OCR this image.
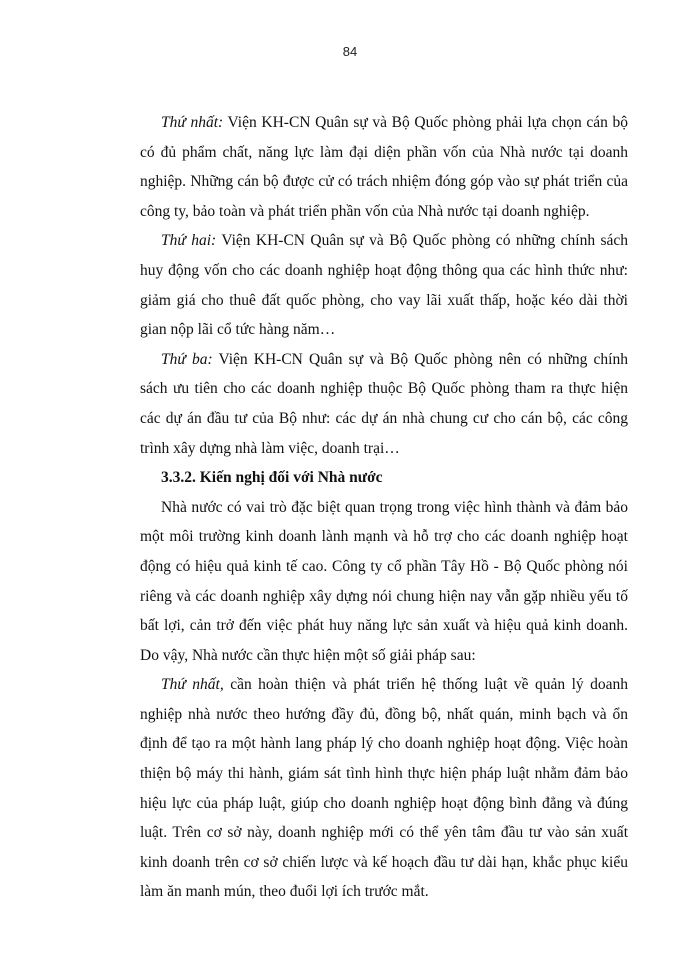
84

Thứ nhất: Viện KH-CN Quân sự và Bộ Quốc phòng phải lựa chọn cán bộ có đủ phẩm chất, năng lực làm đại diện phần vốn của Nhà nước tại doanh nghiệp. Những cán bộ được cử có trách nhiệm đóng góp vào sự phát triển của công ty, bảo toàn và phát triển phần vốn của Nhà nước tại doanh nghiệp.

Thứ hai: Viện KH-CN Quân sự và Bộ Quốc phòng có những chính sách huy động vốn cho các doanh nghiệp hoạt động thông qua các hình thức như: giảm giá cho thuê đất quốc phòng, cho vay lãi xuất thấp, hoặc kéo dài thời gian nộp lãi cổ tức hàng năm…

Thứ ba: Viện KH-CN Quân sự và Bộ Quốc phòng nên có những chính sách ưu tiên cho các doanh nghiệp thuộc Bộ Quốc phòng tham ra thực hiện các dự án đầu tư của Bộ như: các dự án nhà chung cư cho cán bộ, các công trình xây dựng nhà làm việc, doanh trại…

3.3.2. Kiến nghị đối với Nhà nước

Nhà nước có vai trò đặc biệt quan trọng trong việc hình thành và đảm bảo một môi trường kinh doanh lành mạnh và hỗ trợ cho các doanh nghiệp hoạt động có hiệu quả kinh tế cao. Công ty cổ phần Tây Hồ - Bộ Quốc phòng nói riêng và các doanh nghiệp xây dựng nói chung hiện nay vẫn gặp nhiều yếu tố bất lợi, cản trở đến việc phát huy năng lực sản xuất và hiệu quả kinh doanh. Do vậy, Nhà nước cần thực hiện một số giải pháp sau:

Thứ nhất, cần hoàn thiện và phát triển hệ thống luật về quản lý doanh nghiệp nhà nước theo hướng đầy đủ, đồng bộ, nhất quán, minh bạch và ổn định để tạo ra một hành lang pháp lý cho doanh nghiệp hoạt động. Việc hoàn thiện bộ máy thi hành, giám sát tình hình thực hiện pháp luật nhằm đảm bảo hiệu lực của pháp luật, giúp cho doanh nghiệp hoạt động bình đẳng và đúng luật. Trên cơ sở này, doanh nghiệp mới có thể yên tâm đầu tư vào sản xuất kinh doanh trên cơ sở chiến lược và kế hoạch đầu tư dài hạn, khắc phục kiểu làm ăn manh mún, theo đuổi lợi ích trước mắt.
